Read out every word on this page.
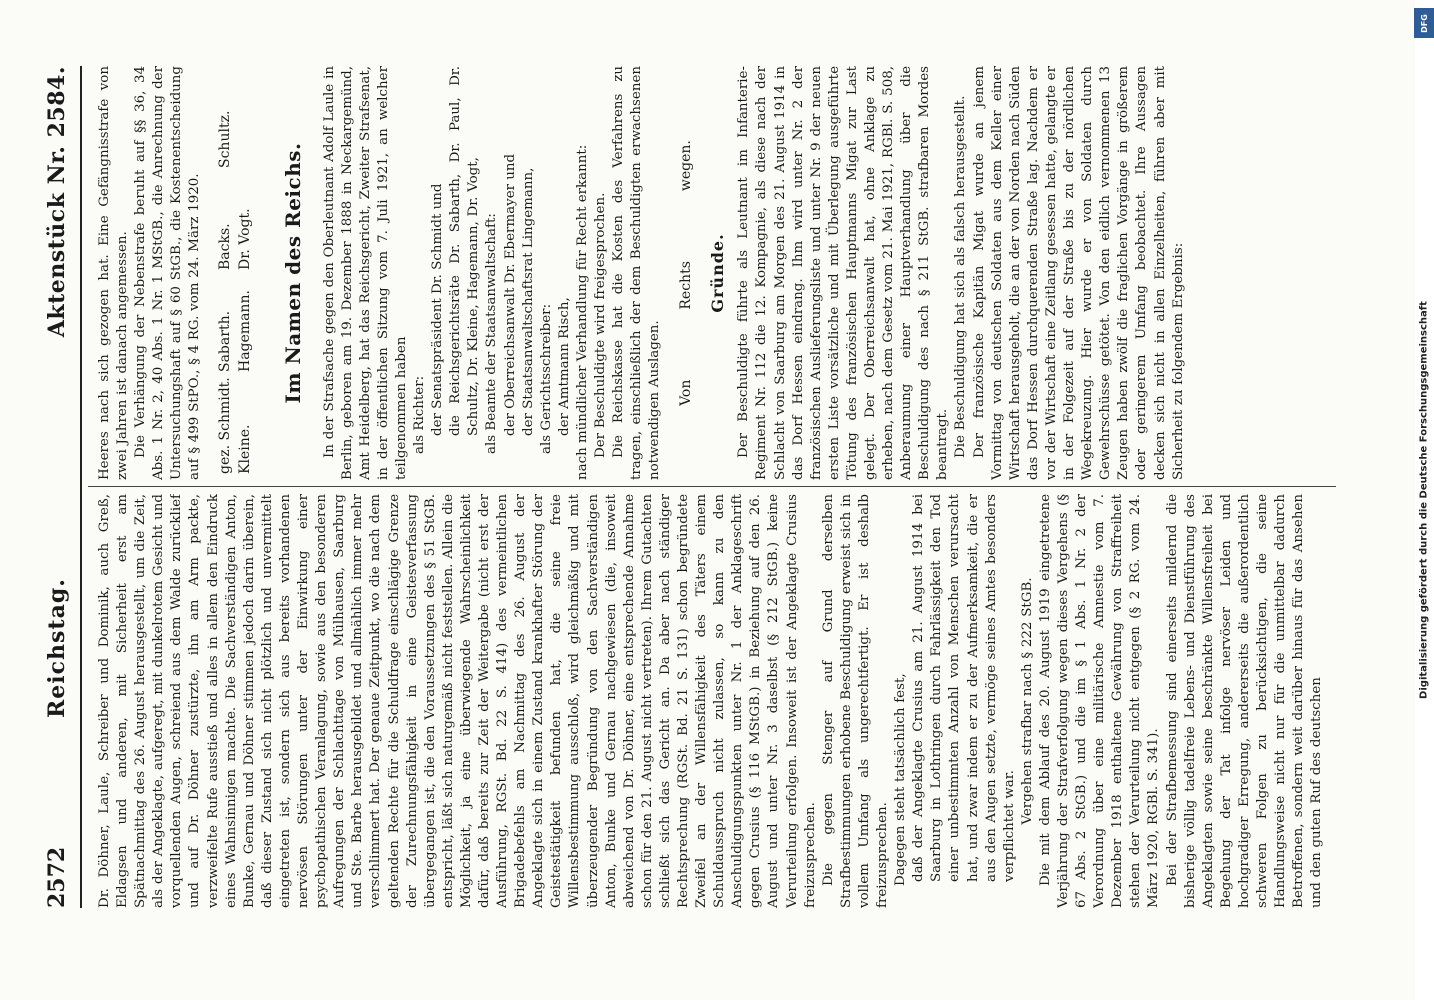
2572
Reichstag.
Aktenstück Nr. 2584.

Dr. Döhner, Laule, Schreiber und Dominik, auch Greß, Eldagsen und anderen, mit Sicherheit erst am Spätnachmittag des 26. August herausgestellt, um die Zeit, als der Angeklagte, aufgeregt, mit dunkelrotem Gesicht und vorquellenden Augen, schreiend aus dem Walde zurücklief und auf Dr. Döhner zustürzte, ihn am Arm packte, verzweifelte Rufe ausstieß und alles in allem den Eindruck eines Wahnsinnigen machte. Die Sachverständigen Anton, Bunke, Gernau und Döhner stimmen jedoch darin überein, daß dieser Zustand sich nicht plötzlich und unvermittelt eingetreten ist, sondern sich aus bereits vorhandenen nervösen Störungen unter der Einwirkung einer psychopathischen Veranlagung, sowie aus den besonderen Aufregungen der Schlachttage von Mülhausen, Saarburg und Ste. Barbe herausgebildet und allmählich immer mehr verschlimmert hat. Der genaue Zeitpunkt, wo die nach dem geltenden Rechte für die Schuldfrage einschlägige Grenze der Zurechnungsfähigkeit in eine Geistesverfassung übergegangen ist, die den Voraussetzungen des § 51 StGB. entspricht, läßt sich naturgemäß nicht feststellen. Allein die Möglichkeit, ja eine überwiegende Wahrscheinlichkeit dafür, daß bereits zur Zeit der Weitergabe (nicht erst der Ausführung, RGSt. Bd. 22 S. 414) des vermeintlichen Brigadebefehls am Nachmittag des 26. August der Angeklagte sich in einem Zustand krankhafter Störung der Geistestätigkeit befunden hat, die seine freie Willensbestimmung ausschloß, wird gleichmäßig und mit überzeugender Begründung von den Sachverständigen Anton, Bunke und Gernau nachgewiesen (die, insoweit abweichend von Dr. Döhner, eine entsprechende Annahme schon für den 21. August nicht vertreten). Ihrem Gutachten schließt sich das Gericht an. Da aber nach ständiger Rechtsprechung (RGSt. Bd. 21 S. 131) schon begründete Zweifel an der Willensfähigkeit des Täters einem Schuldausspruch nicht zulassen, so kann zu den Anschuldigungspunkten unter Nr. 1 der Anklageschrift gegen Crusius (§ 116 MStGB.) in Beziehung auf den 26. August und unter Nr. 3 daselbst (§ 212 StGB.) keine Verurteilung erfolgen. Insoweit ist der Angeklagte Crusius freizusprechen. Die gegen Stenger auf Grund derselben Strafbestimmungen erhobene Beschuldigung erweist sich in vollem Umfang als ungerechtfertigt. Er ist deshalb freizusprechen. Dagegen steht tatsächlich fest, daß der Angeklagte Crusius am 21. August 1914 bei Saarburg in Lothringen durch Fahrlässigkeit den Tod einer unbestimmten Anzahl von Menschen verursacht hat, und zwar indem er zu der Aufmerksamkeit, die er aus den Augen setzte, vermöge seines Amtes besonders verpflichtet war.

Vergehen strafbar nach § 222 StGB. Die mit dem Ablauf des 20. August 1919 eingetretene Verjährung der Strafverfolgung wegen dieses Vergehens (§ 67 Abs. 2 StGB.) und die im § 1 Abs. 1 Nr. 2 der Verordnung über eine militärische Amnestie vom 7. Dezember 1918 enthaltene Gewährung von Straffreiheit stehen der Verurteilung nicht entgegen (§ 2 RG. vom 24. März 1920, RGBl. S. 341). Bei der Strafbemessung sind einerseits mildernd die bisherige völlig tadelfreie Lebens- und Dienstführung des Angeklagten sowie seine beschränkte Willensfreiheit bei Begehung der Tat infolge nervöser Leiden und hochgradiger Erregung, andererseits die außerordentlich schweren Folgen zu berücksichtigen, die seine Handlungsweise nicht nur für die unmittelbar dadurch Betroffenen, sondern weit darüber hinaus für das Ansehen und den guten Ruf des deutschen

Heeres nach sich gezogen hat. Eine Gefängnisstrafe von zwei Jahren ist danach angemessen. Die Verhängung der Nebenstrafe beruht auf §§ 36, 34 Abs. 1 Nr. 2, 40 Abs. 1 Nr. 1 MStGB., die Anrechnung der Untersuchungshaft auf § 60 StGB., die Kostenentscheidung auf § 499 StPO., § 4 RG. vom 24. März 1920. gez. Schmidt.
Sabarth.
Backs.
Schultz.
Kleine.
Hagemann.
Dr. Vogt. Im Namen des Reichs. In der Strafsache gegen den Oberleutnant Adolf Laule in Berlin, geboren am 19. Dezember 1888 in Neckargemünd, Amt Heidelberg, hat das Reichsgericht, Zweiter Strafsenat, in der öffentlichen Sitzung vom 7. Juli 1921, an welcher teilgenommen haben als Richter: der Senatspräsident Dr. Schmidt und die Reichsgerichtsräte Dr. Sabarth, Dr. Paul, Dr. Schultz, Dr. Kleine, Hagemann, Dr. Vogt, als Beamte der Staatsanwaltschaft: der Oberreichsanwalt Dr. Ebermayer und der Staatsanwaltschaftsrat Lingemann, als Gerichtsschreiber: der Amtmann Risch, nach mündlicher Verhandlung für Recht erkannt: Der Beschuldigte wird freigesprochen. Die Reichskasse hat die Kosten des Verfahrens zu tragen, einschließlich der dem Beschuldigten erwachsenen notwendigen Auslagen. Von
Rechts
wegen.
Gründe. Der Beschuldigte führte als Leutnant im Infanterie-Regiment Nr. 112 die 12. Kompagnie, als diese nach der Schlacht von Saarburg am Morgen des 21. August 1914 in das Dorf Hessen eindrang. Ihm wird unter Nr. 2 der französischen Auslieferungsliste und unter Nr. 9 der neuen ersten Liste vorsätzliche und mit Überlegung ausgeführte Tötung des französischen Hauptmanns Migat zur Last gelegt. Der Oberreichsanwalt hat, ohne Anklage zu erheben, nach dem Gesetz vom 21. Mai 1921, RGBl. S. 508, Anberaumung einer Hauptverhandlung über die Beschuldigung des nach § 211 StGB. strafbaren Mordes beantragt. Die Beschuldigung hat sich als falsch herausgestellt. Der französische Kapitän Migat wurde an jenem Vormittag von deutschen Soldaten aus dem Keller einer Wirtschaft herausgeholt, die an der von Norden nach Süden das Dorf Hessen durchquerenden Straße lag. Nachdem er vor der Wirtschaft eine Zeitlang gesessen hatte, gelangte er in der Folgezeit auf der Straße bis zu der nördlichen Wegekreuzung. Hier wurde er von Soldaten durch Gewehrschüsse getötet. Von den eidlich vernommenen 13 Zeugen haben zwölf die fraglichen Vorgänge in größerem oder geringerem Umfang beobachtet. Ihre Aussagen decken sich nicht in allen Einzelheiten, führen aber mit Sicherheit zu folgendem Ergebnis:

DFG
Digitalisierung gefördert durch die Deutsche Forschungsgemeinschaft
